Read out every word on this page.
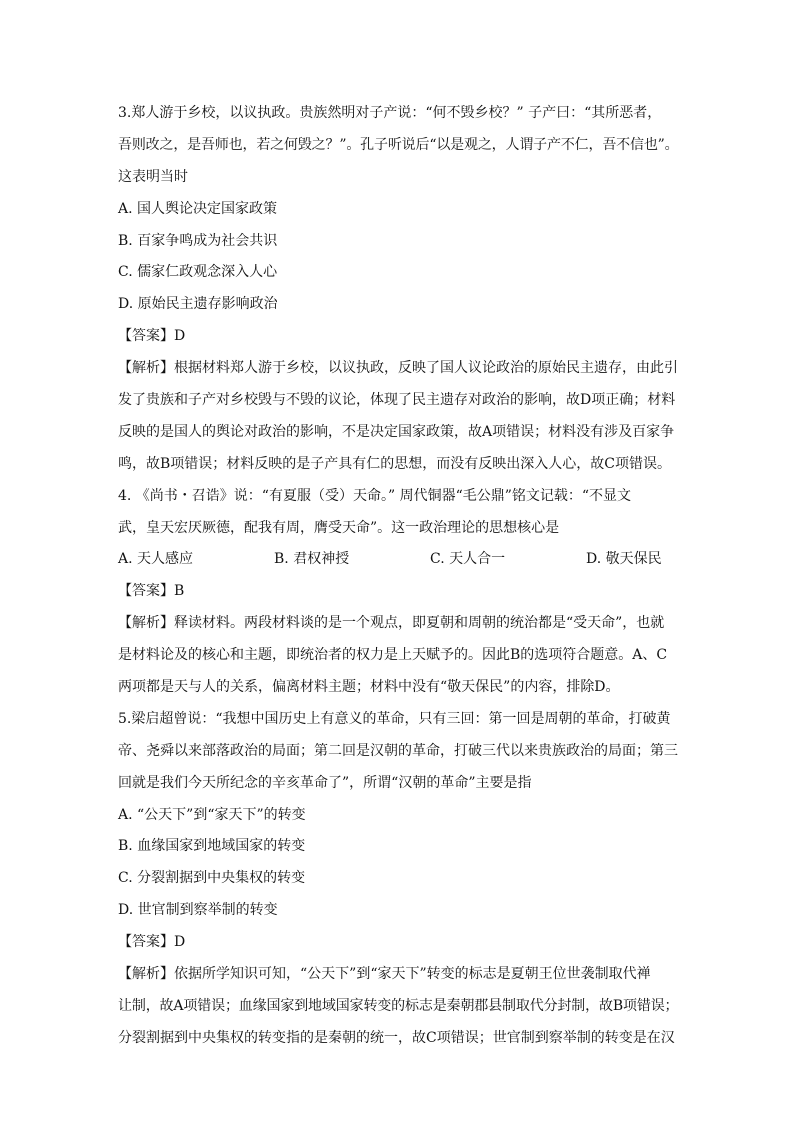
3.郑人游于乡校，以议执政。贵族然明对子产说：“何不毁乡校？” 子产曰：“其所恶者，
吾则改之，是吾师也，若之何毁之？”。孔子听说后“以是观之，人谓子产不仁，吾不信也”。
这表明当时
A. 国人舆论决定国家政策
B. 百家争鸣成为社会共识
C. 儒家仁政观念深入人心
D. 原始民主遗存影响政治
【答案】D
【解析】根据材料郑人游于乡校，以议执政，反映了国人议论政治的原始民主遗存，由此引
发了贵族和子产对乡校毁与不毁的议论，体现了民主遗存对政治的影响，故D项正确；材料
反映的是国人的舆论对政治的影响，不是决定国家政策，故A项错误；材料没有涉及百家争
鸣，故B项错误；材料反映的是子产具有仁的思想，而没有反映出深入人心，故C项错误。
4. 《尚书・召诰》说：“有夏服（受）天命。” 周代铜器“毛公鼎”铭文记载：“不显文
武，皇天宏厌厥德，配我有周，膺受天命”。这一政治理论的思想核心是
A. 天人感应	B. 君权神授	C. 天人合一	D. 敬天保民
【答案】B
【解析】释读材料。两段材料谈的是一个观点，即夏朝和周朝的统治都是“受天命”，也就
是材料论及的核心和主题，即统治者的权力是上天赋予的。因此B的选项符合题意。A、C
两项都是天与人的关系，偏离材料主题；材料中没有“敬天保民”的内容，排除D。
5.梁启超曾说：“我想中国历史上有意义的革命，只有三回：第一回是周朝的革命，打破黄
帝、尧舜以来部落政治的局面；第二回是汉朝的革命，打破三代以来贵族政治的局面；第三
回就是我们今天所纪念的辛亥革命了”，所谓“汉朝的革命”主要是指
A. “公天下”到“家天下”的转变
B. 血缘国家到地域国家的转变
C. 分裂割据到中央集权的转变
D. 世官制到察举制的转变
【答案】D
【解析】依据所学知识可知，“公天下”到“家天下”转变的标志是夏朝王位世袭制取代禅
让制，故A项错误；血缘国家到地域国家转变的标志是秦朝郡县制取代分封制，故B项错误；
分裂割据到中央集权的转变指的是秦朝的统一，故C项错误；世官制到察举制的转变是在汉
